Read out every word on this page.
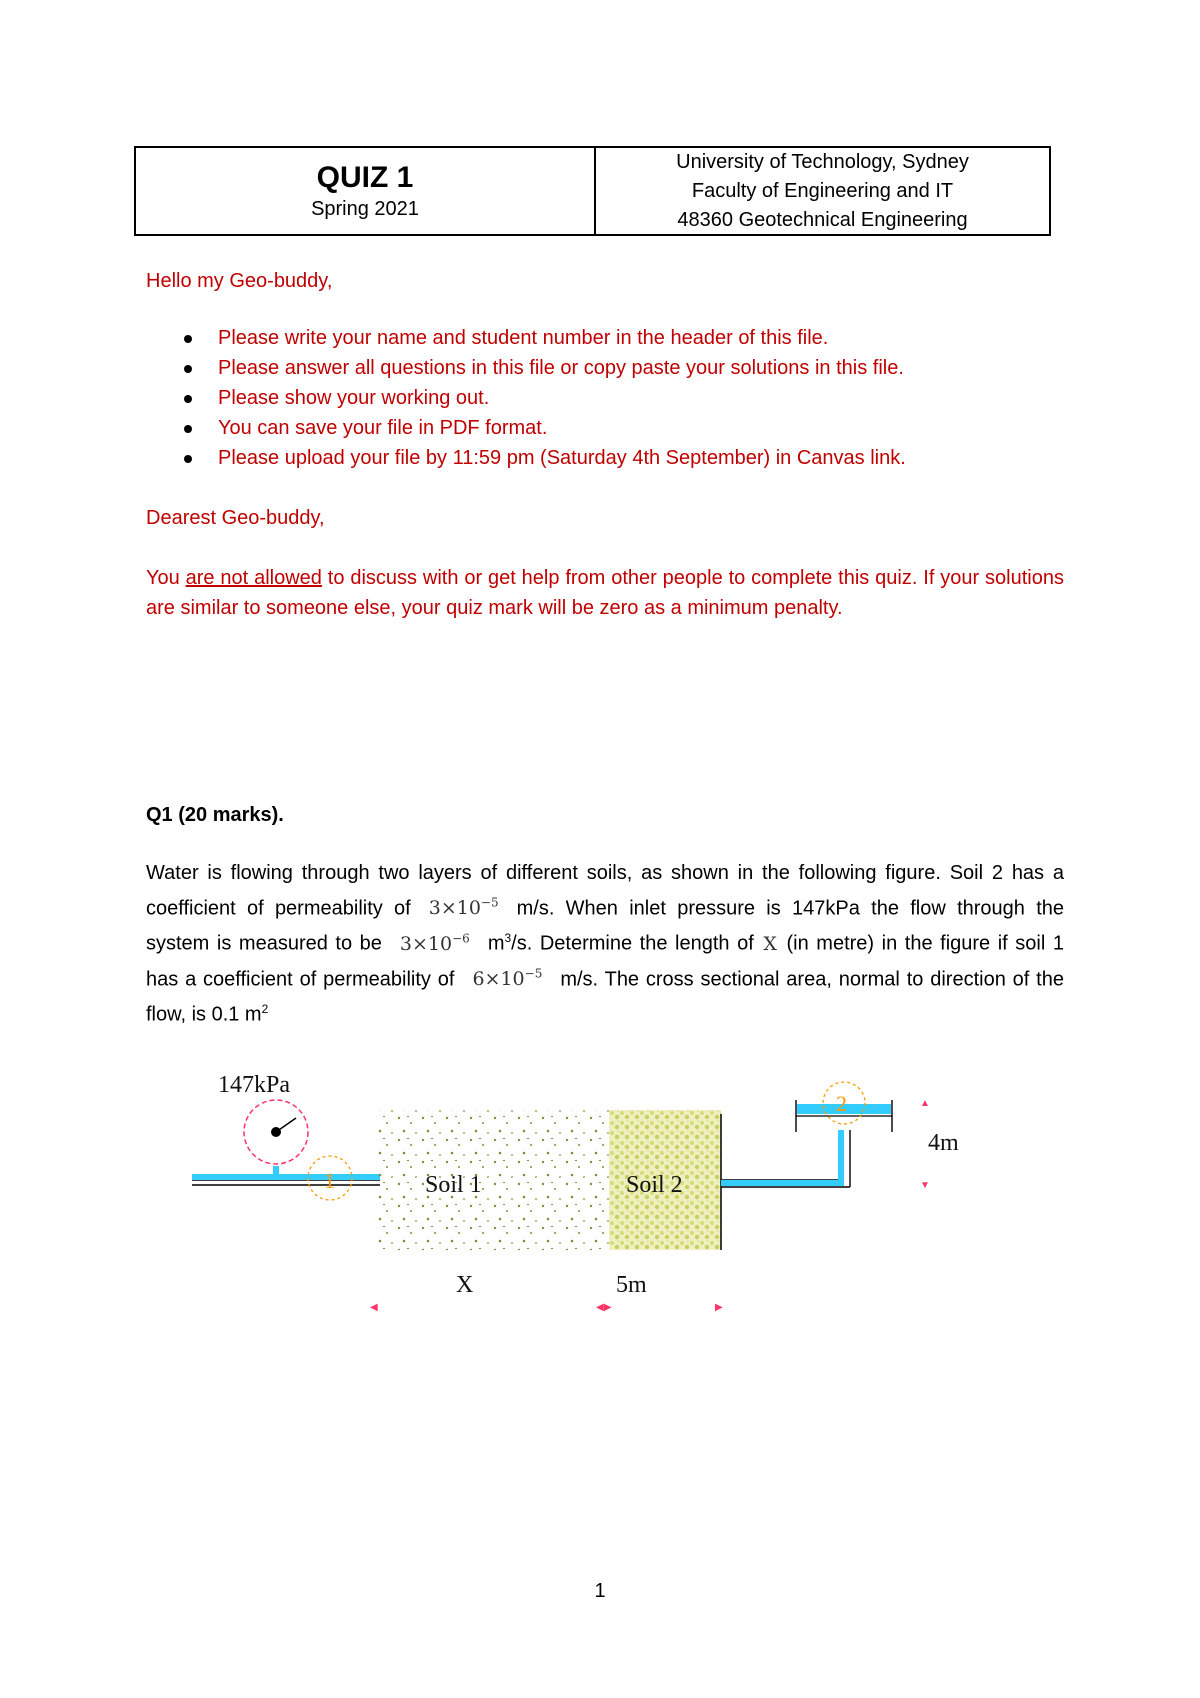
QUIZ 1
Spring 2021
University of Technology, Sydney
Faculty of Engineering and IT
48360 Geotechnical Engineering
Hello my Geo-buddy,
Please write your name and student number in the header of this file.
Please answer all questions in this file or copy paste your solutions in this file.
Please show your working out.
You can save your file in PDF format.
Please upload your file by 11:59 pm (Saturday 4th September) in Canvas link.
Dearest Geo-buddy,
You are not allowed to discuss with or get help from other people to complete this quiz. If your solutions are similar to someone else, your quiz mark will be zero as a minimum penalty.
Q1 (20 marks).
Water is flowing through two layers of different soils, as shown in the following figure. Soil 2 has a coefficient of permeability of $3\times 10^{-5}$ m/s. When inlet pressure is 147kPa the flow through the system is measured to be $3\times 10^{-6}$ $m^3/s$. Determine the length of X (in metre) in the figure if soil 1 has a coefficient of permeability of $6\times 10^{-5}$ m/s. The cross sectional area, normal to direction of the flow, is 0.1 $m^2$
147kPa
1	Soil 1	Soil 2
2	▲
4m
▼
X	5m
◀	◀▶	▶
1
